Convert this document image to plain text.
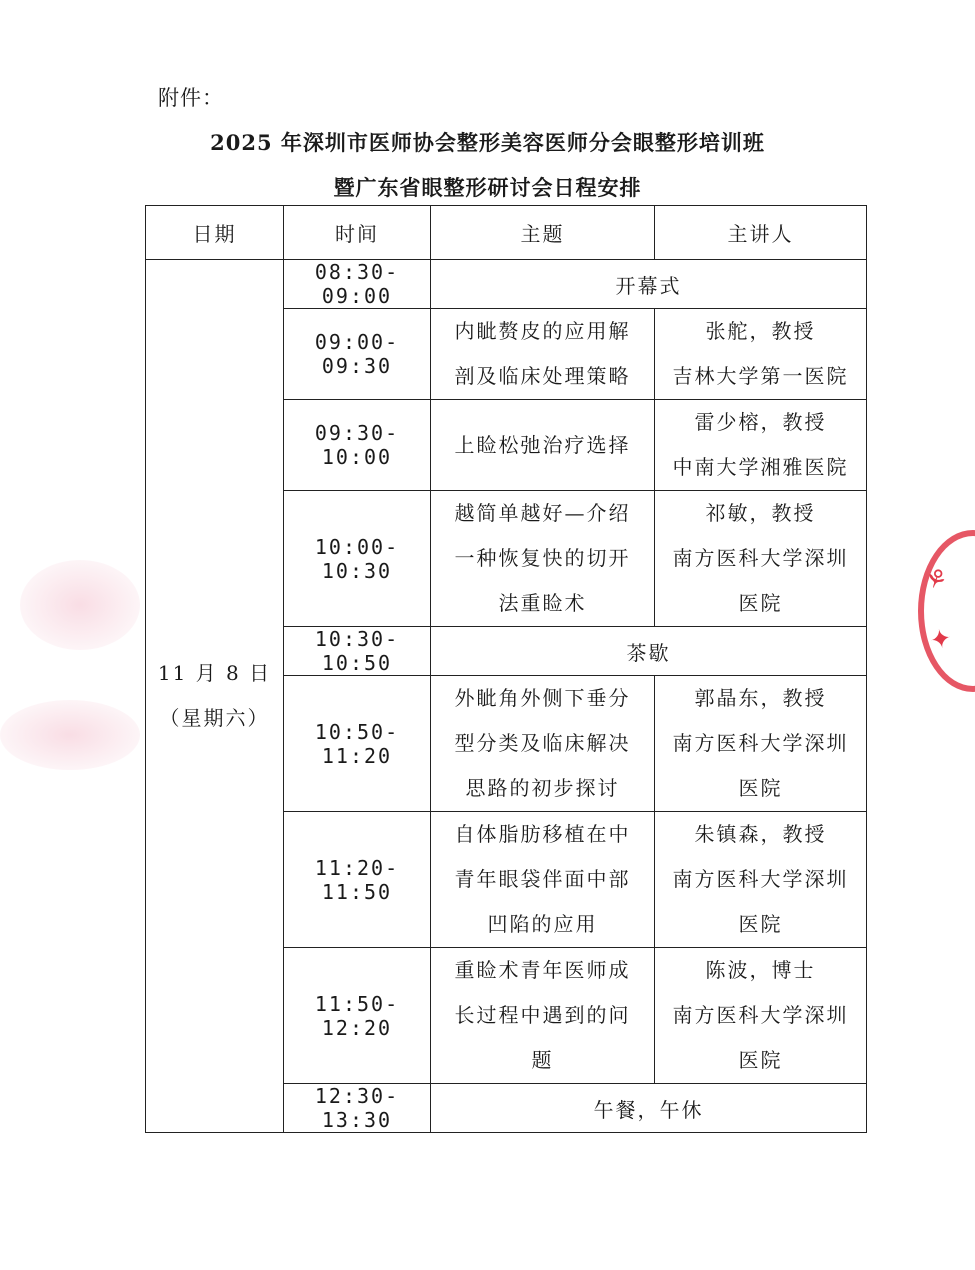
附件：
2025 年深圳市医师协会整形美容医师分会眼整形培训班
暨广东省眼整形研讨会日程安排
日期	时间	主题	主讲人

11 月 8 日
（星期六）	08:30-09:00	开幕式	
	09:00-09:30	内眦赘皮的应用解
剖及临床处理策略	张舵，教授
吉林大学第一医院

	09:30-10:00	上睑松弛治疗选择	雷少榕，教授
中南大学湘雅医院

	10:00-10:30	越简单越好—介绍
一种恢复快的切开
法重睑术	祁敏，教授
南方医科大学深圳
医院

	10:30-10:50	茶歇	
	10:50-11:20	外眦角外侧下垂分
型分类及临床解决
思路的初步探讨	郭晶东，教授
南方医科大学深圳
医院

	11:20-11:50	自体脂肪移植在中
青年眼袋伴面中部
凹陷的应用	朱镇森，教授
南方医科大学深圳
医院

	11:50-12:20	重睑术青年医师成
长过程中遇到的问
题	陈波，博士
南方医科大学深圳
医院

	12:30-13:30	午餐，午休	
⚘
✦
